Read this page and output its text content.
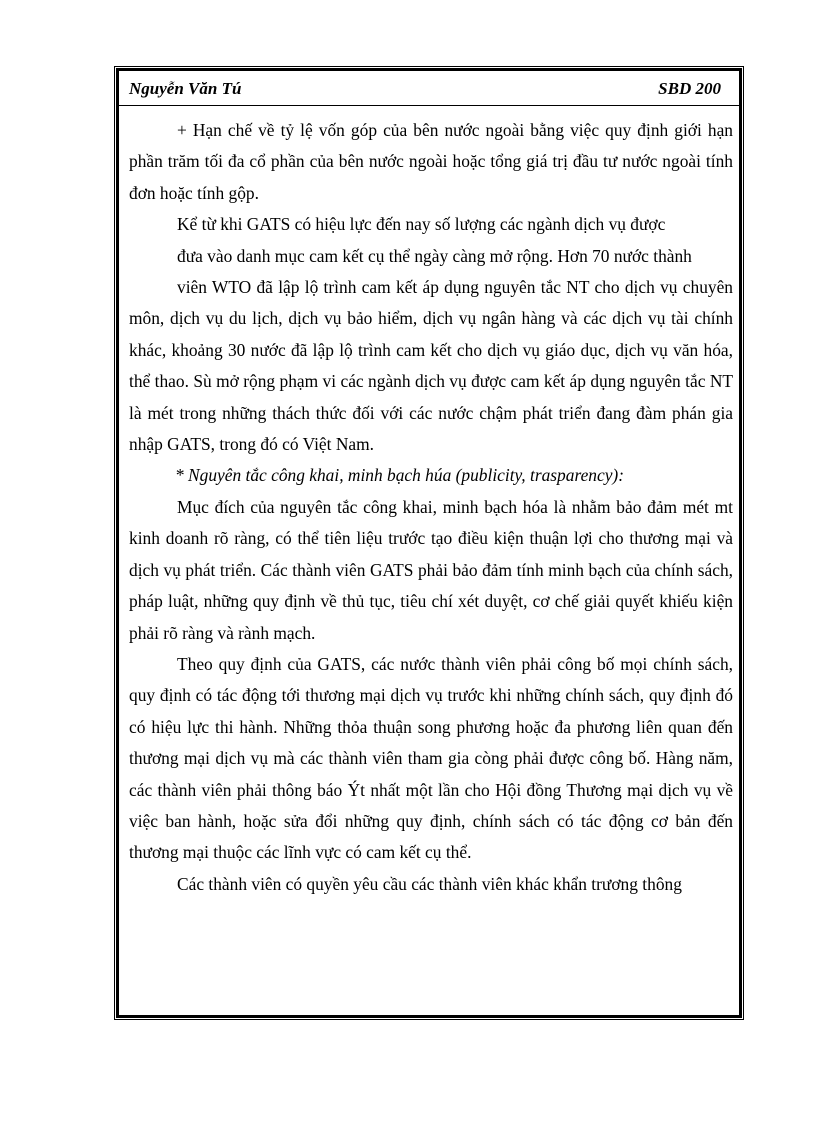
Nguyễn Văn Tú	SBD 200

+ Hạn chế về tỷ lệ vốn góp của bên nước ngoài bằng việc quy định giới hạn phần trăm tối đa cổ phần của bên nước ngoài hoặc tổng giá trị đầu tư nước ngoài tính đơn hoặc tính gộp.

Kể từ khi GATS có hiệu lực đến nay số lượng các ngành dịch vụ được

đưa vào danh mục cam kết cụ thể ngày càng mở rộng. Hơn 70 nước thành

viên WTO đã lập lộ trình cam kết áp dụng nguyên tắc NT cho dịch vụ chuyên môn, dịch vụ du lịch, dịch vụ bảo hiểm, dịch vụ ngân hàng và các dịch vụ tài chính khác, khoảng 30 nước đã lập lộ trình cam kết cho dịch vụ giáo dục, dịch vụ văn hóa, thể thao. Sù mở rộng phạm vi các ngành dịch vụ được cam kết áp dụng nguyên tắc NT là mét trong những thách thức đối với các nước chậm phát triển đang đàm phán gia nhập GATS, trong đó có Việt Nam.

* Nguyên tắc công khai, minh bạch húa (publicity, trasparency):

Mục đích của nguyên tắc công khai, minh bạch hóa là nhằm bảo đảm mét mt kinh doanh rõ ràng, có thể tiên liệu trước tạo điều kiện thuận lợi cho thương mại và dịch vụ phát triển. Các thành viên GATS phải bảo đảm tính minh bạch của chính sách, pháp luật, những quy định về thủ tục, tiêu chí xét duyệt, cơ chế giải quyết khiếu kiện phải rõ ràng và rành mạch.

Theo quy định của GATS, các nước thành viên phải công bố mọi chính sách, quy định có tác động tới thương mại dịch vụ trước khi những chính sách, quy định đó có hiệu lực thi hành. Những thỏa thuận song phương hoặc đa phương liên quan đến thương mại dịch vụ mà các thành viên tham gia còng phải được công bố. Hàng năm, các thành viên phải thông báo Ýt nhất một lần cho Hội đồng Thương mại dịch vụ về việc ban hành, hoặc sửa đổi những quy định, chính sách có tác động cơ bản đến thương mại thuộc các lĩnh vực có cam kết cụ thể.

Các thành viên có quyền yêu cầu các thành viên khác khẩn trương thông
